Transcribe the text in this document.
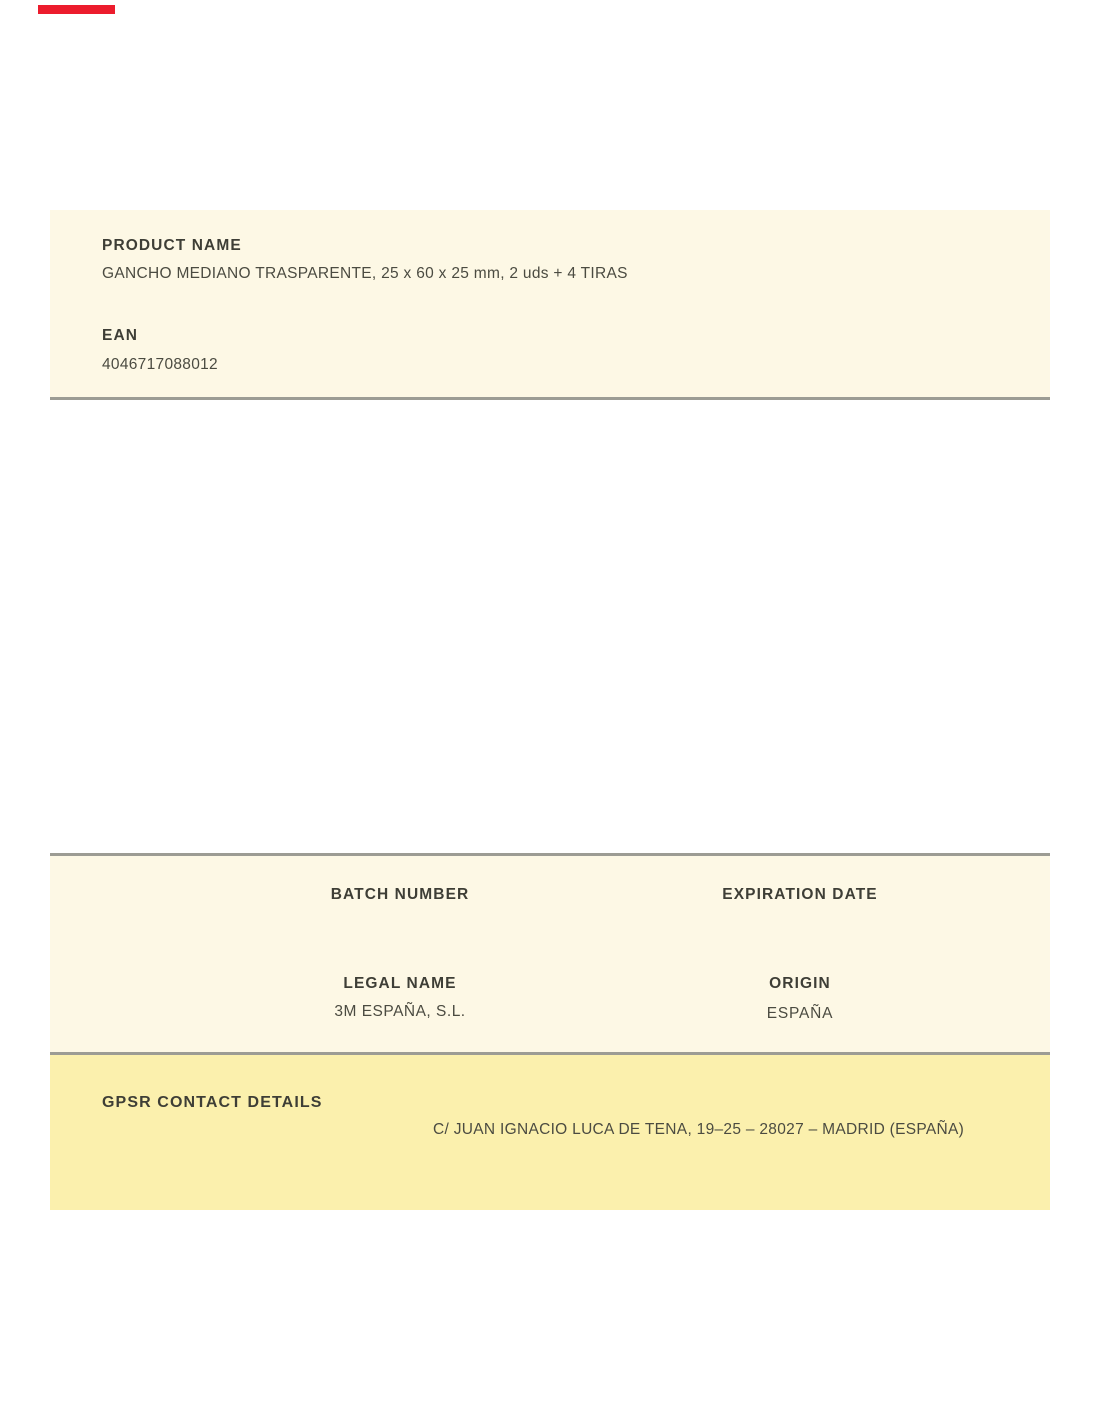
PRODUCT NAME
GANCHO MEDIANO TRASPARENTE, 25 x 60 x 25 mm, 2 uds + 4 TIRAS
EAN
4046717088012
BATCH NUMBER	EXPIRATION DATE
LEGAL NAME
3M ESPAÑA, S.L.
ORIGIN
ESPAÑA
GPSR CONTACT DETAILS
C/ JUAN IGNACIO LUCA DE TENA, 19–25 – 28027 – MADRID (ESPAÑA)
